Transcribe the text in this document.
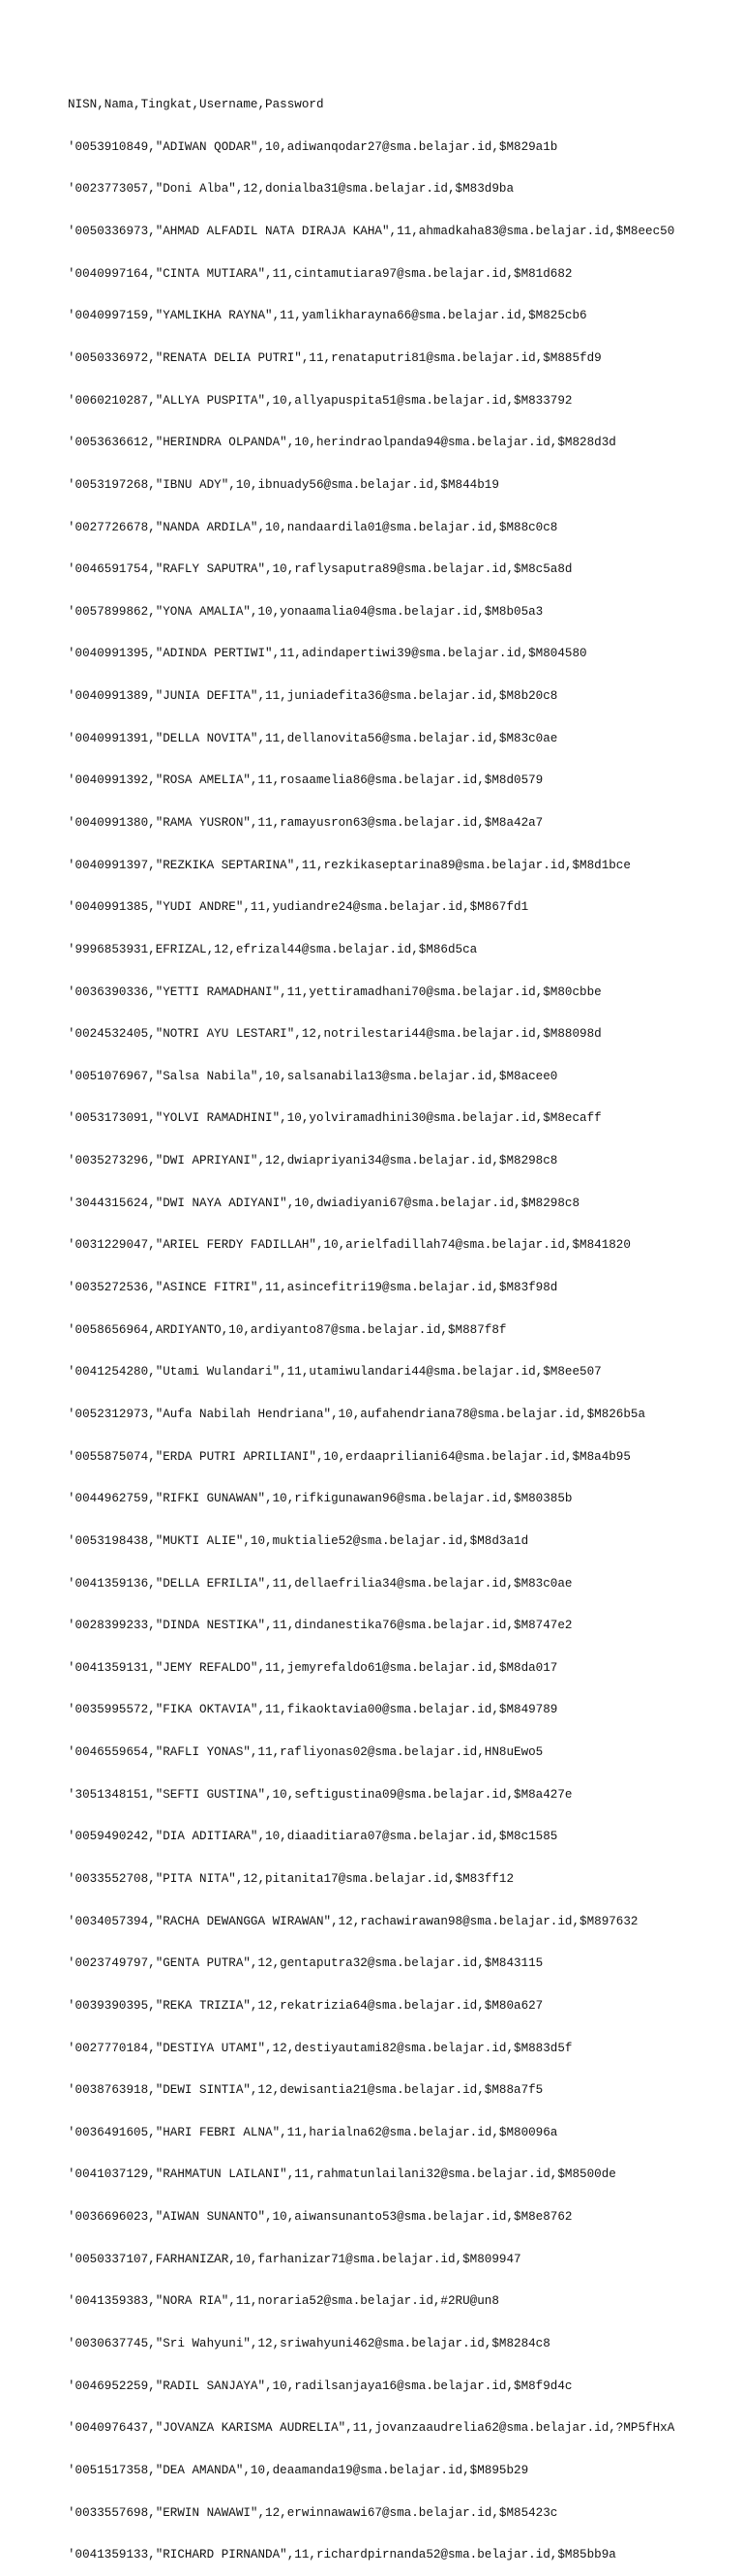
NISN,Nama,Tingkat,Username,Password

'0053910849,"ADIWAN QODAR",10,adiwanqodar27@sma.belajar.id,$M829a1b

'0023773057,"Doni Alba",12,donialba31@sma.belajar.id,$M83d9ba

'0050336973,"AHMAD ALFADIL NATA DIRAJA KAHA",11,ahmadkaha83@sma.belajar.id,$M8eec50

'0040997164,"CINTA MUTIARA",11,cintamutiara97@sma.belajar.id,$M81d682

'0040997159,"YAMLIKHA RAYNA",11,yamlikharayna66@sma.belajar.id,$M825cb6

'0050336972,"RENATA DELIA PUTRI",11,renataputri81@sma.belajar.id,$M885fd9

'0060210287,"ALLYA PUSPITA",10,allyapuspita51@sma.belajar.id,$M833792

'0053636612,"HERINDRA OLPANDA",10,herindraolpanda94@sma.belajar.id,$M828d3d

'0053197268,"IBNU ADY",10,ibnuady56@sma.belajar.id,$M844b19

'0027726678,"NANDA ARDILA",10,nandaardila01@sma.belajar.id,$M88c0c8

'0046591754,"RAFLY SAPUTRA",10,raflysaputra89@sma.belajar.id,$M8c5a8d

'0057899862,"YONA AMALIA",10,yonaamalia04@sma.belajar.id,$M8b05a3

'0040991395,"ADINDA PERTIWI",11,adindapertiwi39@sma.belajar.id,$M804580

'0040991389,"JUNIA DEFITA",11,juniadefita36@sma.belajar.id,$M8b20c8

'0040991391,"DELLA NOVITA",11,dellanovita56@sma.belajar.id,$M83c0ae

'0040991392,"ROSA AMELIA",11,rosaamelia86@sma.belajar.id,$M8d0579

'0040991380,"RAMA YUSRON",11,ramayusron63@sma.belajar.id,$M8a42a7

'0040991397,"REZKIKA SEPTARINA",11,rezkikaseptarina89@sma.belajar.id,$M8d1bce

'0040991385,"YUDI ANDRE",11,yudiandre24@sma.belajar.id,$M867fd1

'9996853931,EFRIZAL,12,efrizal44@sma.belajar.id,$M86d5ca

'0036390336,"YETTI RAMADHANI",11,yettiramadhani70@sma.belajar.id,$M80cbbe

'0024532405,"NOTRI AYU LESTARI",12,notrilestari44@sma.belajar.id,$M88098d

'0051076967,"Salsa Nabila",10,salsanabila13@sma.belajar.id,$M8acee0

'0053173091,"YOLVI RAMADHINI",10,yolviramadhini30@sma.belajar.id,$M8ecaff

'0035273296,"DWI APRIYANI",12,dwiapriyani34@sma.belajar.id,$M8298c8

'3044315624,"DWI NAYA ADIYANI",10,dwiadiyani67@sma.belajar.id,$M8298c8

'0031229047,"ARIEL FERDY FADILLAH",10,arielfadillah74@sma.belajar.id,$M841820

'0035272536,"ASINCE FITRI",11,asincefitri19@sma.belajar.id,$M83f98d

'0058656964,ARDIYANTO,10,ardiyanto87@sma.belajar.id,$M887f8f

'0041254280,"Utami Wulandari",11,utamiwulandari44@sma.belajar.id,$M8ee507

'0052312973,"Aufa Nabilah Hendriana",10,aufahendriana78@sma.belajar.id,$M826b5a

'0055875074,"ERDA PUTRI APRILIANI",10,erdaapriliani64@sma.belajar.id,$M8a4b95

'0044962759,"RIFKI GUNAWAN",10,rifkigunawan96@sma.belajar.id,$M80385b

'0053198438,"MUKTI ALIE",10,muktialie52@sma.belajar.id,$M8d3a1d

'0041359136,"DELLA EFRILIA",11,dellaefrilia34@sma.belajar.id,$M83c0ae

'0028399233,"DINDA NESTIKA",11,dindanestika76@sma.belajar.id,$M8747e2

'0041359131,"JEMY REFALDO",11,jemyrefaldo61@sma.belajar.id,$M8da017

'0035995572,"FIKA OKTAVIA",11,fikaoktavia00@sma.belajar.id,$M849789

'0046559654,"RAFLI YONAS",11,rafliyonas02@sma.belajar.id,HN8uEwo5

'3051348151,"SEFTI GUSTINA",10,seftigustina09@sma.belajar.id,$M8a427e

'0059490242,"DIA ADITIARA",10,diaaditiara07@sma.belajar.id,$M8c1585

'0033552708,"PITA NITA",12,pitanita17@sma.belajar.id,$M83ff12

'0034057394,"RACHA DEWANGGA WIRAWAN",12,rachawirawan98@sma.belajar.id,$M897632

'0023749797,"GENTA PUTRA",12,gentaputra32@sma.belajar.id,$M843115

'0039390395,"REKA TRIZIA",12,rekatrizia64@sma.belajar.id,$M80a627

'0027770184,"DESTIYA UTAMI",12,destiyautami82@sma.belajar.id,$M883d5f

'0038763918,"DEWI SINTIA",12,dewisantia21@sma.belajar.id,$M88a7f5

'0036491605,"HARI FEBRI ALNA",11,harialna62@sma.belajar.id,$M80096a

'0041037129,"RAHMATUN LAILANI",11,rahmatunlailani32@sma.belajar.id,$M8500de

'0036696023,"AIWAN SUNANTO",10,aiwansunanto53@sma.belajar.id,$M8e8762

'0050337107,FARHANIZAR,10,farhanizar71@sma.belajar.id,$M809947

'0041359383,"NORA RIA",11,noraria52@sma.belajar.id,#2RU@un8

'0030637745,"Sri Wahyuni",12,sriwahyuni462@sma.belajar.id,$M8284c8

'0046952259,"RADIL SANJAYA",10,radilsanjaya16@sma.belajar.id,$M8f9d4c

'0040976437,"JOVANZA KARISMA AUDRELIA",11,jovanzaaudrelia62@sma.belajar.id,?MP5fHxA

'0051517358,"DEA AMANDA",10,deaamanda19@sma.belajar.id,$M895b29

'0033557698,"ERWIN NAWAWI",12,erwinnawawi67@sma.belajar.id,$M85423c

'0041359133,"RICHARD PIRNANDA",11,richardpirnanda52@sma.belajar.id,$M85bb9a
